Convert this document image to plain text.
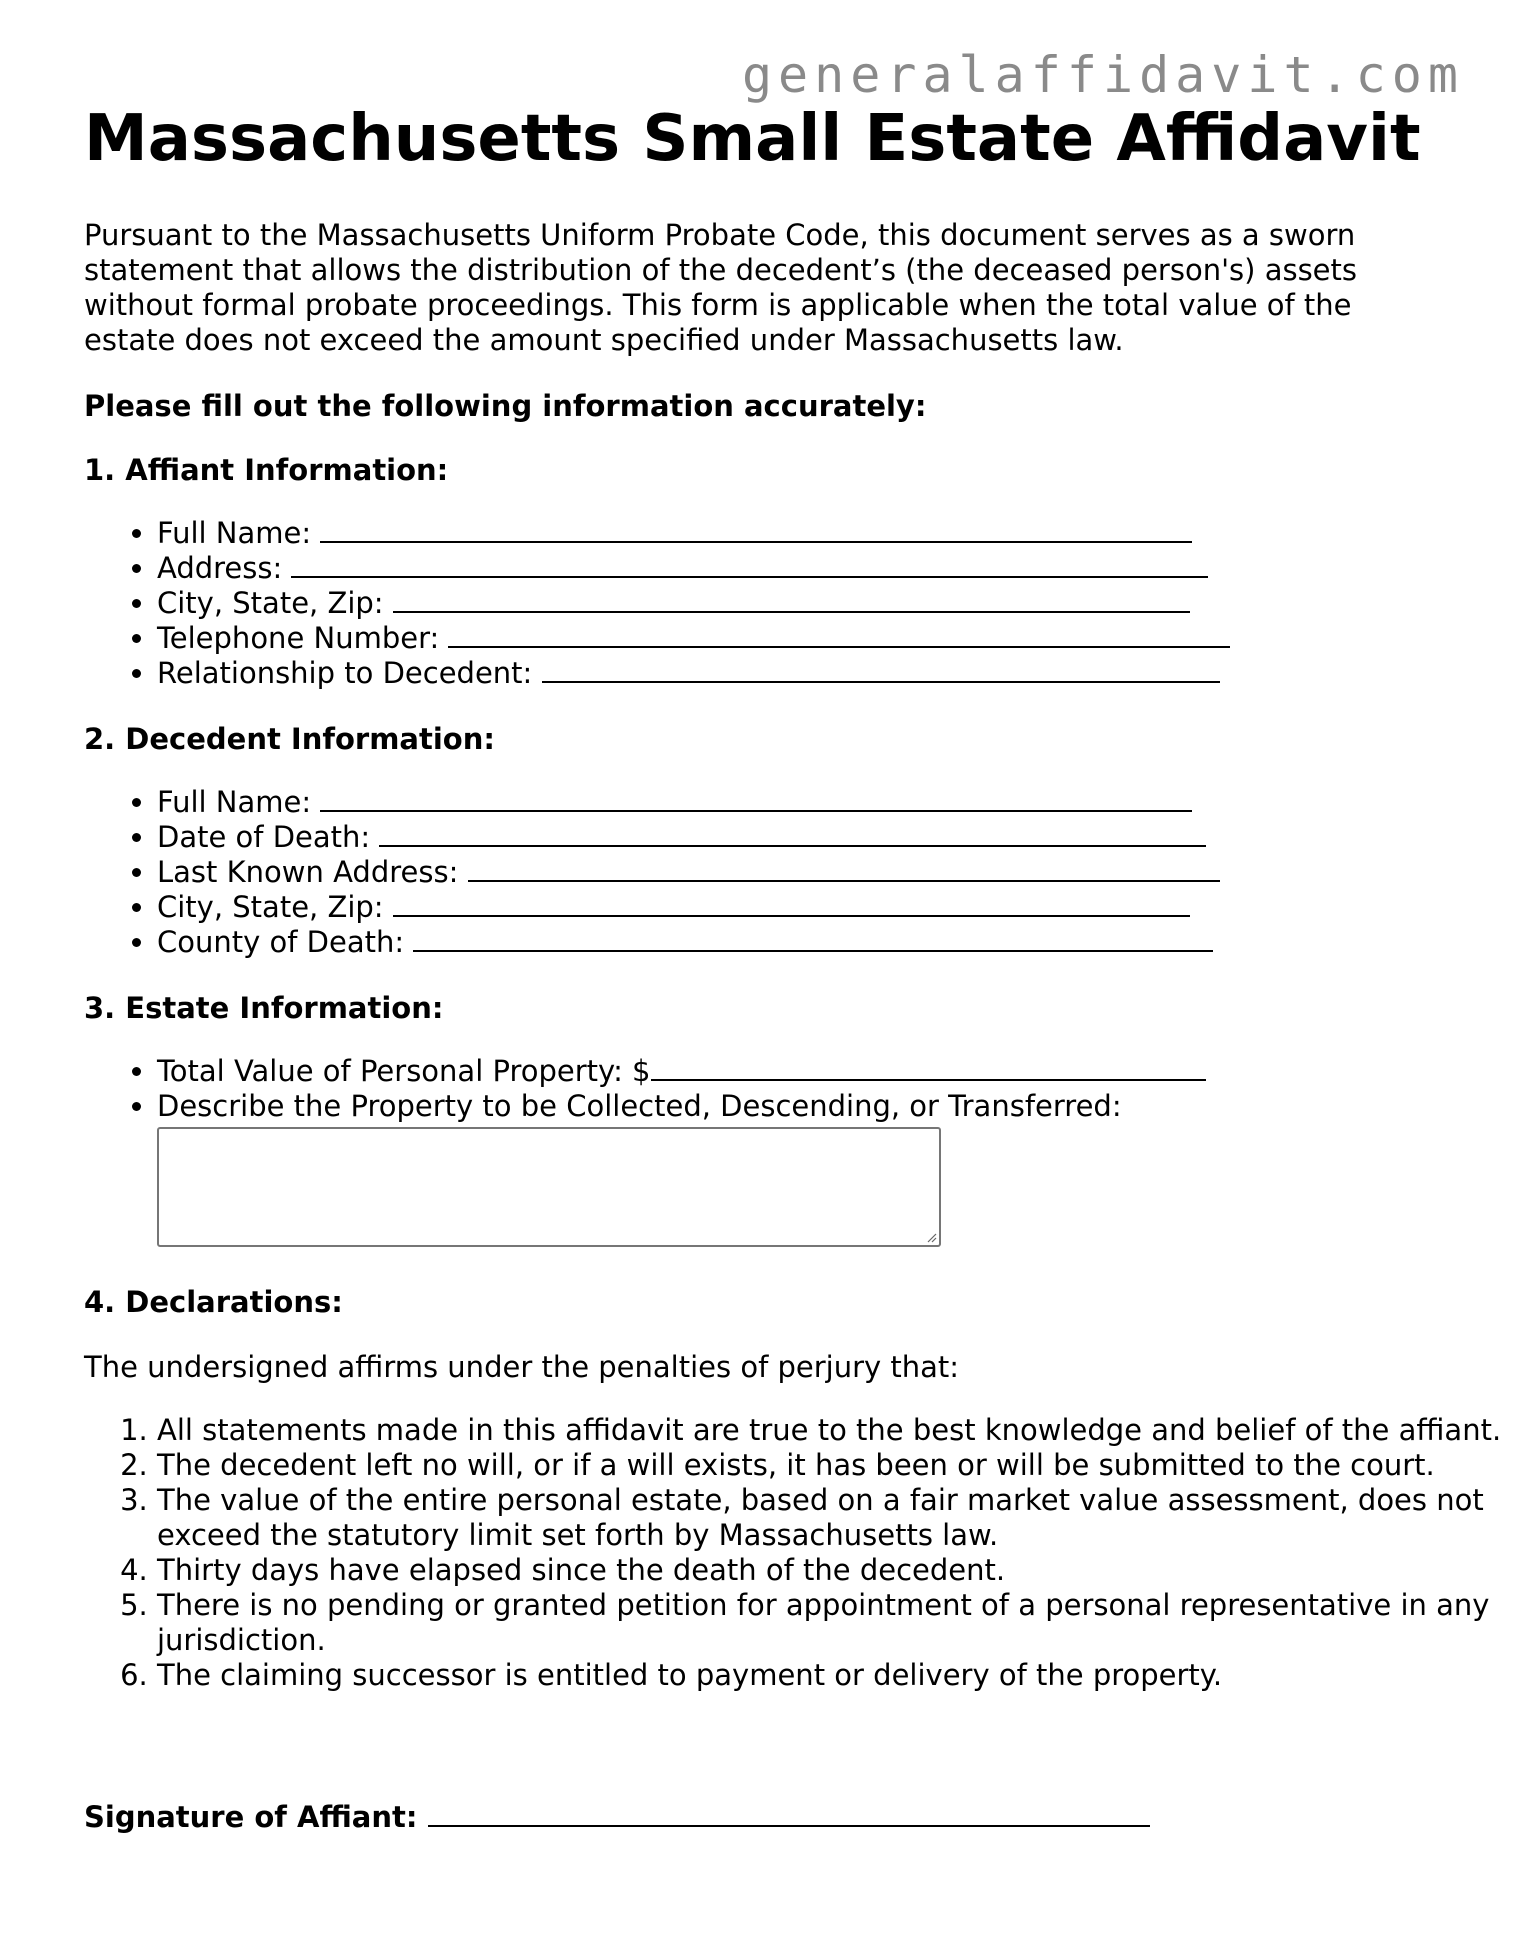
generalaffidavit.com
Massachusetts Small Estate Affidavit

Pursuant to the Massachusetts Uniform Probate Code, this document serves as a sworn statement that allows the distribution of the decedent’s (the deceased person's) assets without formal probate proceedings. This form is applicable when the total value of the estate does not exceed the amount specified under Massachusetts law.

Please fill out the following information accurately:

1. Affiant Information:

• Full Name:
• Address:
• City, State, Zip:
• Telephone Number:
• Relationship to Decedent:

2. Decedent Information:

• Full Name:
• Date of Death:
• Last Known Address:
• City, State, Zip:
• County of Death:

3. Estate Information:

• Total Value of Personal Property: $
• Describe the Property to be Collected, Descending, or Transferred:

4. Declarations:

The undersigned affirms under the penalties of perjury that:

1. All statements made in this affidavit are true to the best knowledge and belief of the affiant.
2. The decedent left no will, or if a will exists, it has been or will be submitted to the court.
3. The value of the entire personal estate, based on a fair market value assessment, does not exceed the statutory limit set forth by Massachusetts law.
4. Thirty days have elapsed since the death of the decedent.
5. There is no pending or granted petition for appointment of a personal representative in any jurisdiction.
6. The claiming successor is entitled to payment or delivery of the property.

Signature of Affiant:
